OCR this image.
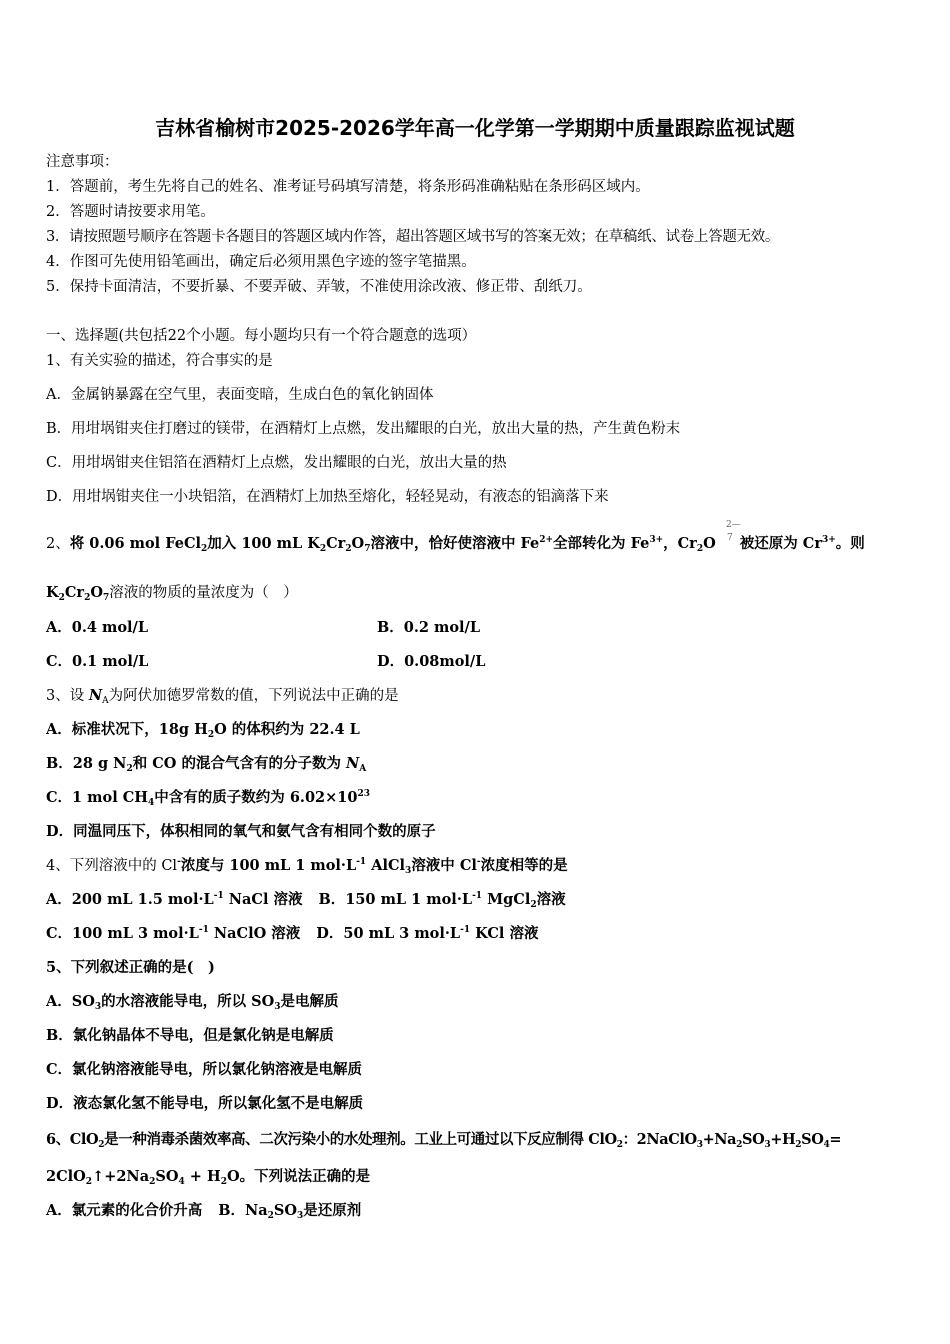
吉林省榆树市2025-2026学年高一化学第一学期期中质量跟踪监视试题
注意事项：
1．答题前，考生先将自己的姓名、准考证号码填写清楚，将条形码准确粘贴在条形码区域内。
2．答题时请按要求用笔。
3．请按照题号顺序在答题卡各题目的答题区域内作答，超出答题区域书写的答案无效；在草稿纸、试卷上答题无效。
4．作图可先使用铅笔画出，确定后必须用黑色字迹的签字笔描黑。
5．保持卡面清洁，不要折暴、不要弄破、弄皱，不准使用涂改液、修正带、刮纸刀。
一、选择题(共包括22个小题。每小题均只有一个符合题意的选项）
1、有关实验的描述，符合事实的是
A．金属钠暴露在空气里，表面变暗，生成白色的氧化钠固体
B．用坩埚钳夹住打磨过的镁带，在酒精灯上点燃，发出耀眼的白光，放出大量的热，产生黄色粉末
C．用坩埚钳夹住铝箔在酒精灯上点燃，发出耀眼的白光，放出大量的热
D．用坩埚钳夹住一小块铝箔，在酒精灯上加热至熔化，轻轻晃动，有液态的铝滴落下来
2、将 0.06 mol FeCl$_2$加入 100 mL $K_2Cr_2O_7$溶液中，恰好使溶液中 $Fe^{2+}$全部转化为 $Fe^{3+}$，$Cr_2O$ 被还原为 $Cr^{3+}$。则
2—
7
$K_2Cr_2O_7$溶液的物质的量浓度为（　）
A．0.4 mol/L	B．0.2 mol/L
C．0.1 mol/L	D．0.08mol/L
3、设 $N_A$为阿伏加德罗常数的值，下列说法中正确的是
A．标准状况下，18g $H_2O$ 的体积约为 22.4 L
B．28 g $N_2$和 CO 的混合气含有的分子数为 $N_A$
C．1 mol $CH_4$中含有的质子数约为 $6.02\times 10^{23}$
D．同温同压下，体积相同的氧气和氨气含有相同个数的原子
4、下列溶液中的 Cl-浓度与 100 mL 1 $mol\cdot L^{-1}$ AlCl$_3$溶液中 Cl-浓度相等的是
A．200 mL 1.5 $mol\cdot L^{-1}$ NaCl 溶液 B．150 mL 1 $mol\cdot L^{-1}$ MgCl$_2$溶液
C．100 mL 3 $mol\cdot L^{-1}$ NaClO 溶液 D．50 mL 3 $mol\cdot L^{-1}$ KCl 溶液
5、下列叙述正确的是(　)
A．$SO_3$的水溶液能导电，所以 $SO_3$是电解质
B．氯化钠晶体不导电，但是氯化钠是电解质
C．氯化钠溶液能导电，所以氯化钠溶液是电解质
D．液态氯化氢不能导电，所以氯化氢不是电解质
6、ClO$_2$是一种消毒杀菌效率高、二次污染小的水处理剂。工业上可通过以下反应制得 ClO$_2$：$2NaClO_3+Na_2SO_3+H_2SO_4=$
$2ClO_2↑+2Na_2SO_4 + H_2O$。下列说法正确的是
A．氯元素的化合价升高 B．$Na_2SO_3$是还原剂
